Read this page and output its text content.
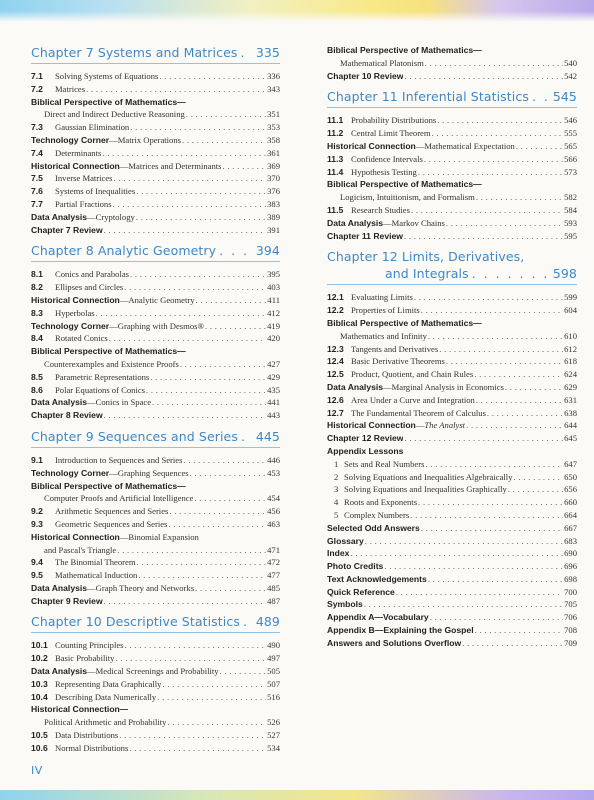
Chapter 7 Systems and Matrices . . . 335
7.1	Solving Systems of Equations . . .	336
7.2	Matrices . . .	343
Biblical Perspective of Mathematics—
Direct and Indirect Deductive Reasoning . . .	351
7.3	Gaussian Elimination . . .	353
Technology Corner—Matrix Operations . . .	358
7.4	Determinants . . .	361
Historical Connection—Matrices and Determinants . . .	369
7.5	Inverse Matrices . . .	370
7.6	Systems of Inequalities . . .	376
7.7	Partial Fractions . . .	383
Data Analysis—Cryptology . . .	389
Chapter 7 Review . . .	391
Chapter 8 Analytic Geometry . . .	394
8.1	Conics and Parabolas . . .	395
8.2	Ellipses and Circles . . .	403
Historical Connection—Analytic Geometry . . .	411
8.3	Hyperbolas . . .	412
Technology Corner—Graphing with Desmos® . . .	419
8.4	Rotated Conics . . .	420
Biblical Perspective of Mathematics—
Counterexamples and Existence Proofs . . .	427
8.5	Parametric Representations . . .	429
8.6	Polar Equations of Conics . . .	435
Data Analysis—Conics in Space . . .	441
Chapter 8 Review . . .	443
Chapter 9 Sequences and Series . . . 445
9.1	Introduction to Sequences and Series . . .	446
Technology Corner—Graphing Sequences . . .	453
Biblical Perspective of Mathematics—
Computer Proofs and Artificial Intelligence . . .	454
9.2	Arithmetic Sequences and Series . . .	456
9.3	Geometric Sequences and Series . . .	463
Historical Connection—Binomial Expansion
and Pascal's Triangle . . .	471
9.4	The Binomial Theorem . . .	472
9.5	Mathematical Induction . . .	477
Data Analysis—Graph Theory and Networks . . .	485
Chapter 9 Review . . .	487
Chapter 10 Descriptive Statistics . . . 489
10.1 Counting Principles . . .	490
10.2 Basic Probability . . .	497
Data Analysis—Medical Screenings and Probability . . .	505
10.3 Representing Data Graphically . . .	507
10.4 Describing Data Numerically . . .	516
Historical Connection—
Political Arithmetic and Probability . . .	526
10.5 Data Distributions . . .	527
10.6 Normal Distributions . . .	534
Biblical Perspective of Mathematics—
Mathematical Platonism . . .	540
Chapter 10 Review . . .	542
Chapter 11 Inferential Statistics . . . 545
11.1 Probability Distributions . . .	546
11.2 Central Limit Theorem . . .	555
Historical Connection—Mathematical Expectation . . .	565
11.3 Confidence Intervals . . .	566
11.4 Hypothesis Testing . . .	573
Biblical Perspective of Mathematics—
Logicism, Intuitionism, and Formalism . . .	582
11.5 Research Studies . . .	584
Data Analysis—Markov Chains . . .	593
Chapter 11 Review . . .	595
Chapter 12 Limits, Derivatives,
and Integrals . . .	598
12.1 Evaluating Limits . . .	599
12.2 Properties of Limits . . .	604
Biblical Perspective of Mathematics—
Mathematics and Infinity . . .	610
12.3 Tangents and Derivatives . . .	612
12.4 Basic Derivative Theorems . . .	618
12.5 Product, Quotient, and Chain Rules . . .	624
Data Analysis—Marginal Analysis in Economics . . .	629
12.6 Area Under a Curve and Integration . . .	631
12.7 The Fundamental Theorem of Calculus . . .	638
Historical Connection—The Analyst . . .	644
Chapter 12 Review . . .	645
Appendix Lessons
1 Sets and Real Numbers . . .	647
2 Solving Equations and Inequalities Algebraically . . .	650
3 Solving Equations and Inequalities Graphically . . .	656
4 Roots and Exponents . . .	660
5 Complex Numbers . . .	664
Selected Odd Answers . . .	667
Glossary . . .	683
Index . . .	690
Photo Credits . . .	696
Text Acknowledgements . . .	698
Quick Reference . . .	700
Symbols . . .	705
Appendix A—Vocabulary . . .	706
Appendix B—Explaining the Gospel . . .	708
Answers and Solutions Overflow . . .	709
IV
